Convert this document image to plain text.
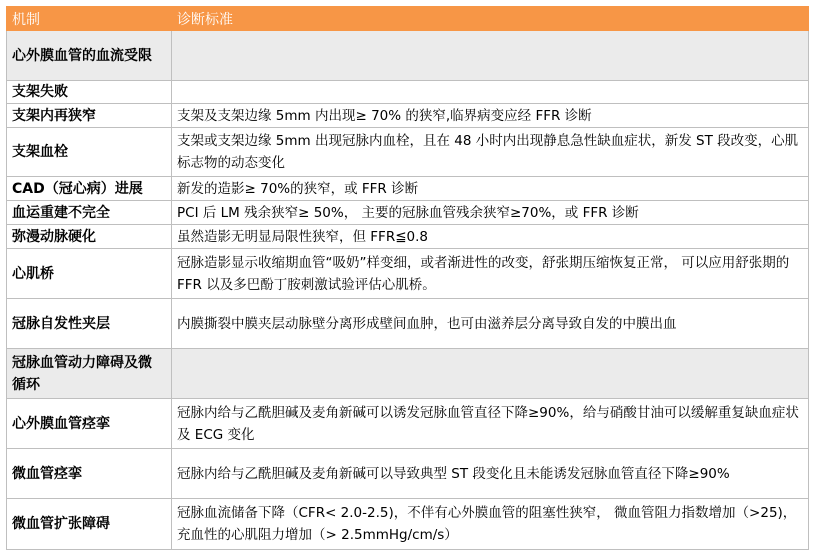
机制	诊断标准
心外膜血管的血流受限	
支架失败	
支架内再狭窄	支架及支架边缘 5mm 内出现≥ 70% 的狭窄,临界病变应经 FFR 诊断
支架血栓	支架或支架边缘 5mm 出现冠脉内血栓，且在 48 小时内出现静息急性缺血症状，新发 ST 段改变，心肌标志物的动态变化
CAD（冠心病）进展	新发的造影≥ 70%的狭窄，或 FFR 诊断
血运重建不完全	PCI 后 LM 残余狭窄≥ 50%， 主要的冠脉血管残余狭窄≥70%，或 FFR 诊断
弥漫动脉硬化	虽然造影无明显局限性狭窄，但 FFR≦0.8
心肌桥	冠脉造影显示收缩期血管“吸奶”样变细，或者渐进性的改变，舒张期压缩恢复正常， 可以应用舒张期的 FFR 以及多巴酚丁胺刺激试验评估心肌桥。
冠脉自发性夹层	内膜撕裂中膜夹层动脉壁分离形成壁间血肿，也可由滋养层分离导致自发的中膜出血
冠脉血管动力障碍及微循环	
心外膜血管痉挛	冠脉内给与乙酰胆碱及麦角新碱可以诱发冠脉血管直径下降≥90%，给与硝酸甘油可以缓解重复缺血症状及 ECG 变化
微血管痉挛	冠脉内给与乙酰胆碱及麦角新碱可以导致典型 ST 段变化且未能诱发冠脉血管直径下降≥90%
微血管扩张障碍	冠脉血流储备下降（CFR< 2.0-2.5)，不伴有心外膜血管的阻塞性狭窄， 微血管阻力指数增加（>25)，充血性的心肌阻力增加（> 2.5mmHg/cm/s）
